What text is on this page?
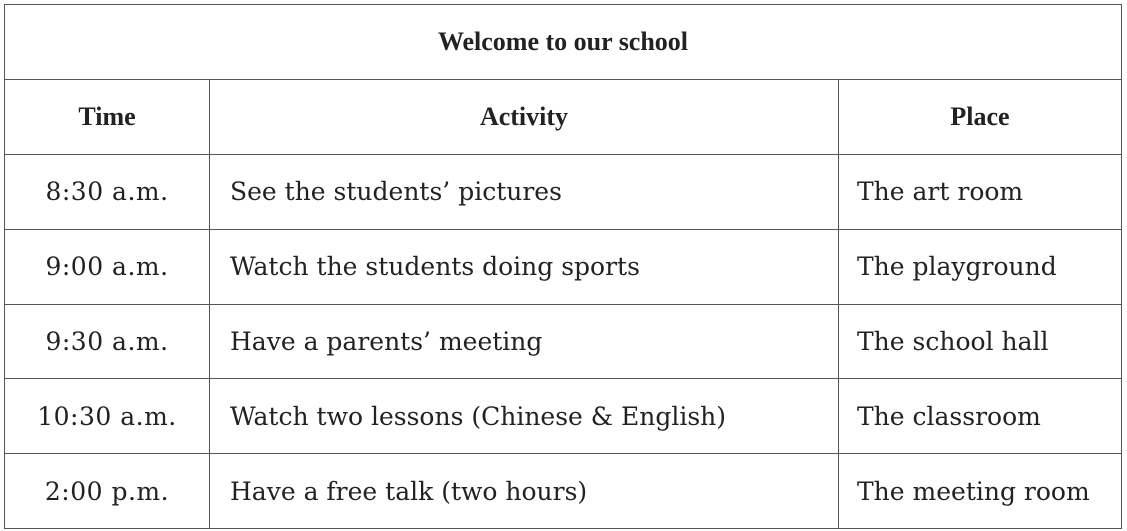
Welcome to our school		
Time	Activity	Place
8:30 a.m.	See the students’ pictures	The art room
9:00 a.m.	Watch the students doing sports	The playground
9:30 a.m.	Have a parents’ meeting	The school hall
10:30 a.m.	Watch two lessons (Chinese & English)	The classroom
2:00 p.m.	Have a free talk (two hours)	The meeting room
